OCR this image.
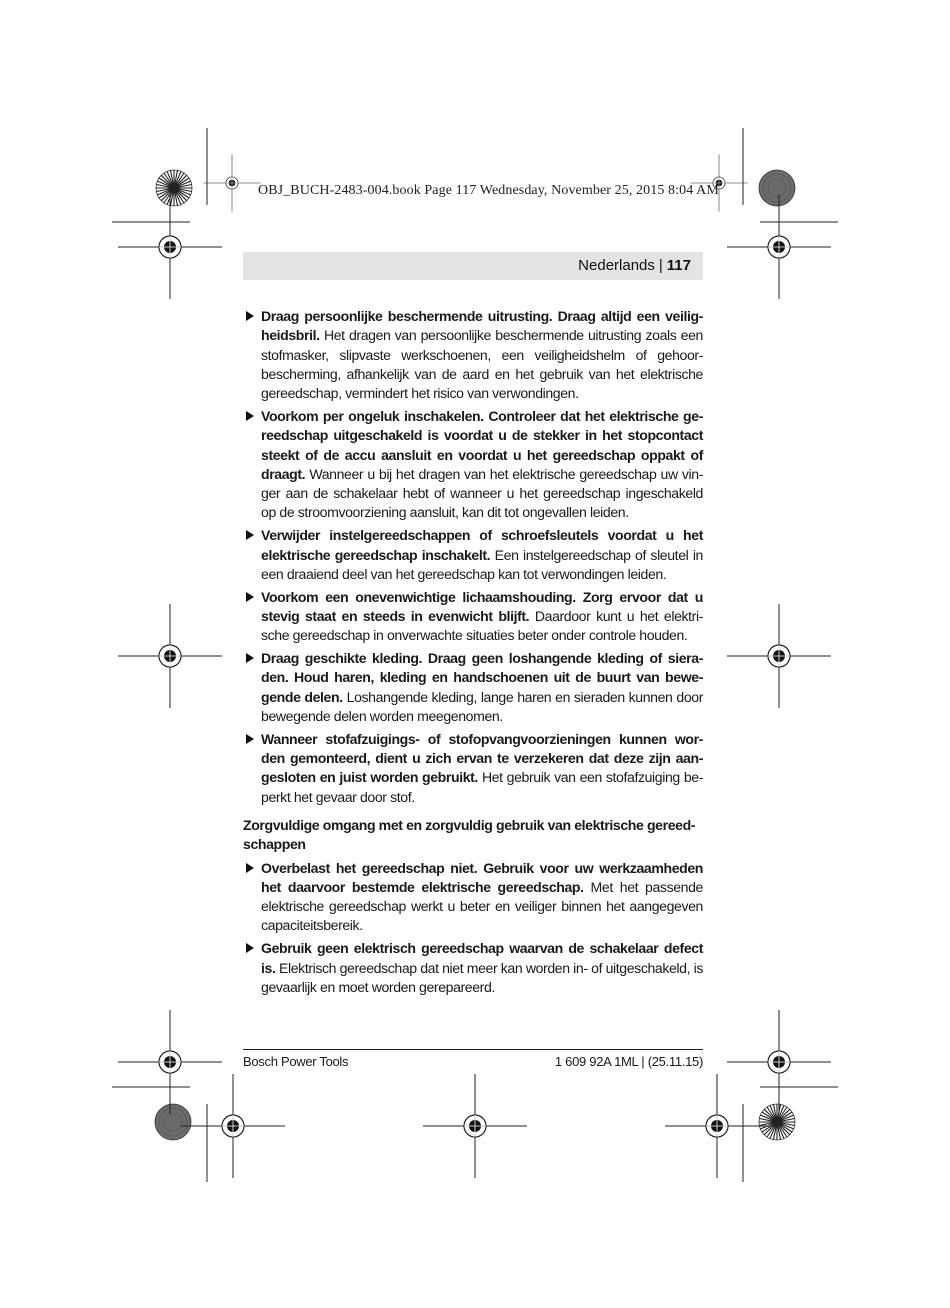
OBJ_BUCH-2483-004.book Page 117 Wednesday, November 25, 2015 8:04 AM
Nederlands | 117
Draag persoonlijke beschermende uitrusting. Draag altijd een veilig-heidsbril. Het dragen van persoonlijke beschermende uitrusting zoals een stofmasker, slipvaste werkschoenen, een veiligheidshelm of gehoor-bescherming, afhankelijk van de aard en het gebruik van het elektrische gereedschap, vermindert het risico van verwondingen.
Voorkom per ongeluk inschakelen. Controleer dat het elektrische ge-reedschap uitgeschakeld is voordat u de stekker in het stopcontact steekt of de accu aansluit en voordat u het gereedschap oppakt of draagt. Wanneer u bij het dragen van het elektrische gereedschap uw vin-ger aan de schakelaar hebt of wanneer u het gereedschap ingeschakeld op de stroomvoorziening aansluit, kan dit tot ongevallen leiden.
Verwijder instelgereedschappen of schroefsleutels voordat u het elektrische gereedschap inschakelt. Een instelgereedschap of sleutel in een draaiend deel van het gereedschap kan tot verwondingen leiden.
Voorkom een onevenwichtige lichaamshouding. Zorg ervoor dat u stevig staat en steeds in evenwicht blijft. Daardoor kunt u het elektri-sche gereedschap in onverwachte situaties beter onder controle houden.
Draag geschikte kleding. Draag geen loshangende kleding of siera-den. Houd haren, kleding en handschoenen uit de buurt van bewe-gende delen. Loshangende kleding, lange haren en sieraden kunnen door bewegende delen worden meegenomen.
Wanneer stofafzuigings- of stofopvangvoorzieningen kunnen wor-den gemonteerd, dient u zich ervan te verzekeren dat deze zijn aan-gesloten en juist worden gebruikt. Het gebruik van een stofafzuiging be-perkt het gevaar door stof.
Zorgvuldige omgang met en zorgvuldig gebruik van elektrische gereed-schappen
Overbelast het gereedschap niet. Gebruik voor uw werkzaamheden het daarvoor bestemde elektrische gereedschap. Met het passende elektrische gereedschap werkt u beter en veiliger binnen het aangegeven capaciteitsbereik.
Gebruik geen elektrisch gereedschap waarvan de schakelaar defect is. Elektrisch gereedschap dat niet meer kan worden in- of uitgeschakeld, is gevaarlijk en moet worden gerepareerd.
Bosch Power Tools	1 609 92A 1ML | (25.11.15)
